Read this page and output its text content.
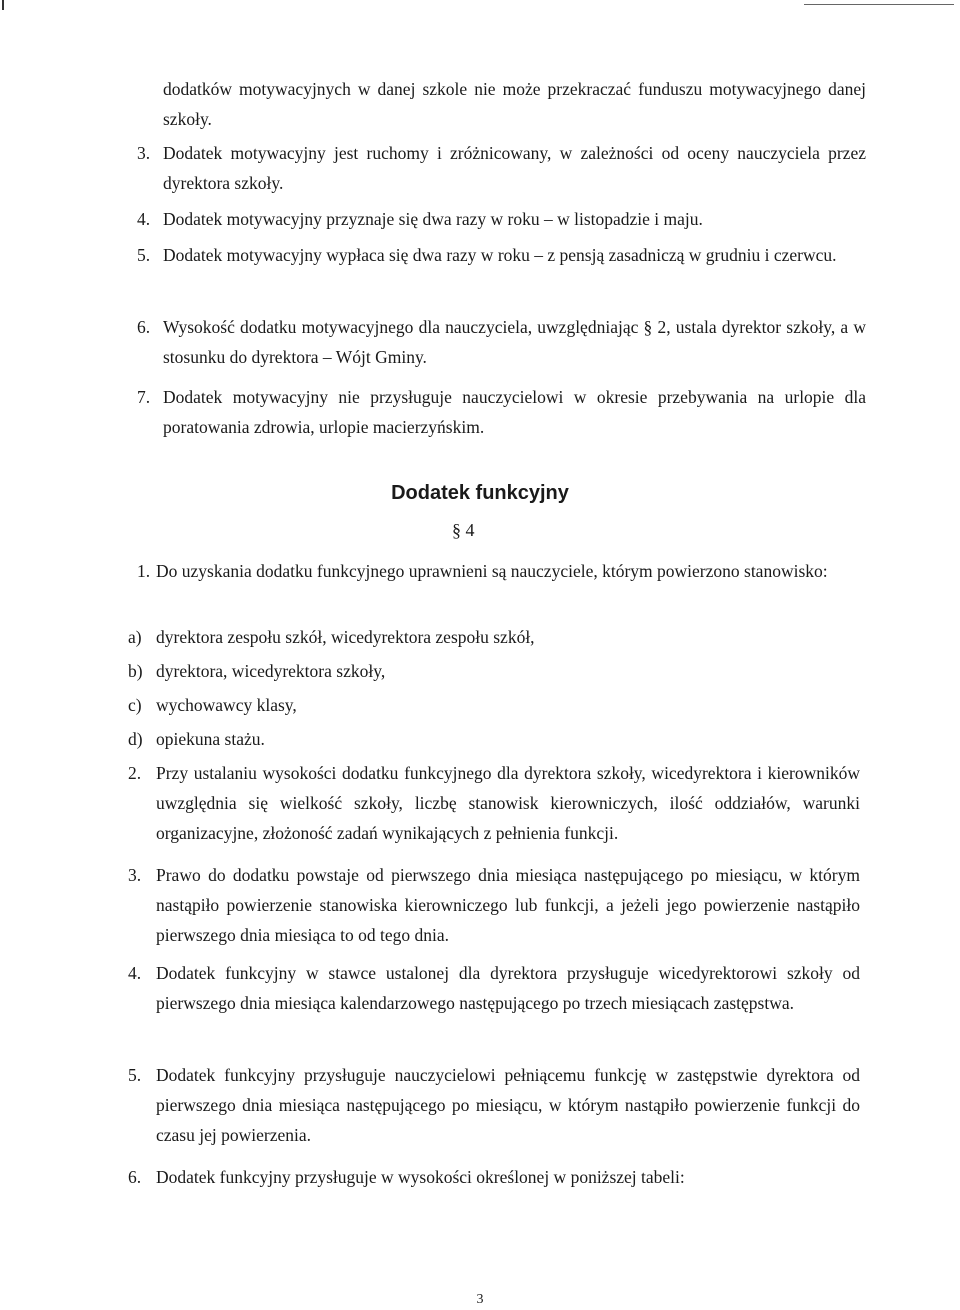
dodatków motywacyjnych w danej szkole nie może przekraczać funduszu motywacyjnego danej szkoły.
3. Dodatek motywacyjny jest ruchomy i zróżnicowany, w zależności od oceny nauczyciela przez dyrektora szkoły.
4. Dodatek motywacyjny przyznaje się dwa razy w roku – w listopadzie i maju.
5. Dodatek motywacyjny wypłaca się dwa razy w roku – z pensją zasadniczą w grudniu i czerwcu.
6. Wysokość dodatku motywacyjnego dla nauczyciela, uwzględniając § 2, ustala dyrektor szkoły, a w stosunku do dyrektora – Wójt Gminy.
7. Dodatek motywacyjny nie przysługuje nauczycielowi w okresie przebywania na urlopie dla poratowania zdrowia, urlopie macierzyńskim.
Dodatek funkcyjny
§ 4
1. Do uzyskania dodatku funkcyjnego uprawnieni są nauczyciele, którym powierzono stanowisko:
a) dyrektora zespołu szkół, wicedyrektora zespołu szkół,
b) dyrektora, wicedyrektora szkoły,
c) wychowawcy klasy,
d) opiekuna stażu.
2. Przy ustalaniu wysokości dodatku funkcyjnego dla dyrektora szkoły, wicedyrektora i kierowników uwzględnia się wielkość szkoły, liczbę stanowisk kierowniczych, ilość oddziałów, warunki organizacyjne, złożoność zadań wynikających z pełnienia funkcji.
3. Prawo do dodatku powstaje od pierwszego dnia miesiąca następującego po miesiącu, w którym nastąpiło powierzenie stanowiska kierowniczego lub funkcji, a jeżeli jego powierzenie nastąpiło pierwszego dnia miesiąca to od tego dnia.
4. Dodatek funkcyjny w stawce ustalonej dla dyrektora przysługuje wicedyrektorowi szkoły od pierwszego dnia miesiąca kalendarzowego następującego po trzech miesiącach zastępstwa.
5. Dodatek funkcyjny przysługuje nauczycielowi pełniącemu funkcję w zastępstwie dyrektora od pierwszego dnia miesiąca następującego po miesiącu, w którym nastąpiło powierzenie funkcji do czasu jej powierzenia.
6. Dodatek funkcyjny przysługuje w wysokości określonej w poniższej tabeli:
3
